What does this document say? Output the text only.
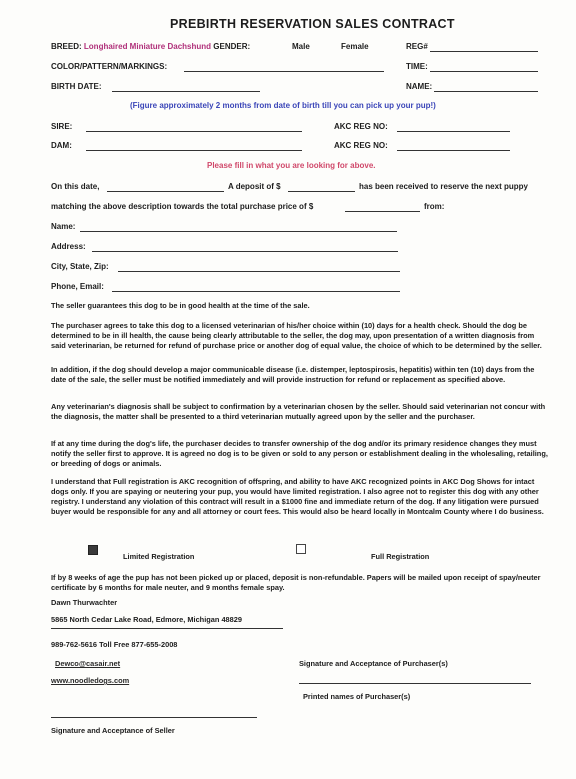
PREBIRTH RESERVATION SALES CONTRACT
BREED: Longhaired Miniature Dachshund GENDER:	Male	Female	REG#
COLOR/PATTERN/MARKINGS:	TIME:
BIRTH DATE:	NAME:
(Figure approximately 2 months from date of birth till you can pick up your pup!)
SIRE:	AKC REG NO:
DAM:	AKC REG NO:
Please fill in what you are looking for above.
On this date,	A deposit of $	has been received to reserve the next puppy
matching the above description towards the total purchase price of $	from:
Name:
Address:
City, State, Zip:
Phone, Email:

The seller guarantees this dog to be in good health at the time of the sale.

The purchaser agrees to take this dog to a licensed veterinarian of his/her choice within (10) days for a health check. Should the dog be determined to be in ill health, the cause being clearly attributable to the seller, the dog may, upon presentation of a written diagnosis from said veterinarian, be returned for refund of purchase price or another dog of equal value, the choice of which to be determined by the seller.

In addition, if the dog should develop a major communicable disease (i.e. distemper, leptospirosis, hepatitis) within ten (10) days from the date of the sale, the seller must be notified immediately and will provide instruction for refund or replacement as specified above.

Any veterinarian's diagnosis shall be subject to confirmation by a veterinarian chosen by the seller. Should said veterinarian not concur with the diagnosis, the matter shall be presented to a third veterinarian mutually agreed upon by the seller and the purchaser.

If at any time during the dog's life, the purchaser decides to transfer ownership of the dog and/or its primary residence changes they must notify the seller first to approve. It is agreed no dog is to be given or sold to any person or establishment dealing in the wholesaling, retailing, or breeding of dogs or animals.

I understand that Full registration is AKC recognition of offspring, and ability to have AKC recognized points in AKC Dog Shows for intact dogs only. If you are spaying or neutering your pup, you would have limited registration. I also agree not to register this dog with any other registry. I understand any violation of this contract will result in a $1000 fine and immediate return of the dog. If any litigation were pursued buyer would be responsible for any and all attorney or court fees. This would also be heard locally in Montcalm County where I do business.

Limited Registration	Full Registration

If by 8 weeks of age the pup has not been picked up or placed, deposit is non-refundable. Papers will be mailed upon receipt of spay/neuter certificate by 6 months for male neuter, and 9 months female spay.

Dawn Thurwachter
5865 North Cedar Lake Road, Edmore, Michigan 48829
989-762-5616 Toll Free 877-655-2008
Dewco@casair.net
www.noodledogs.com
Signature and Acceptance of Purchaser(s)
Printed names of Purchaser(s)
Signature and Acceptance of Seller
